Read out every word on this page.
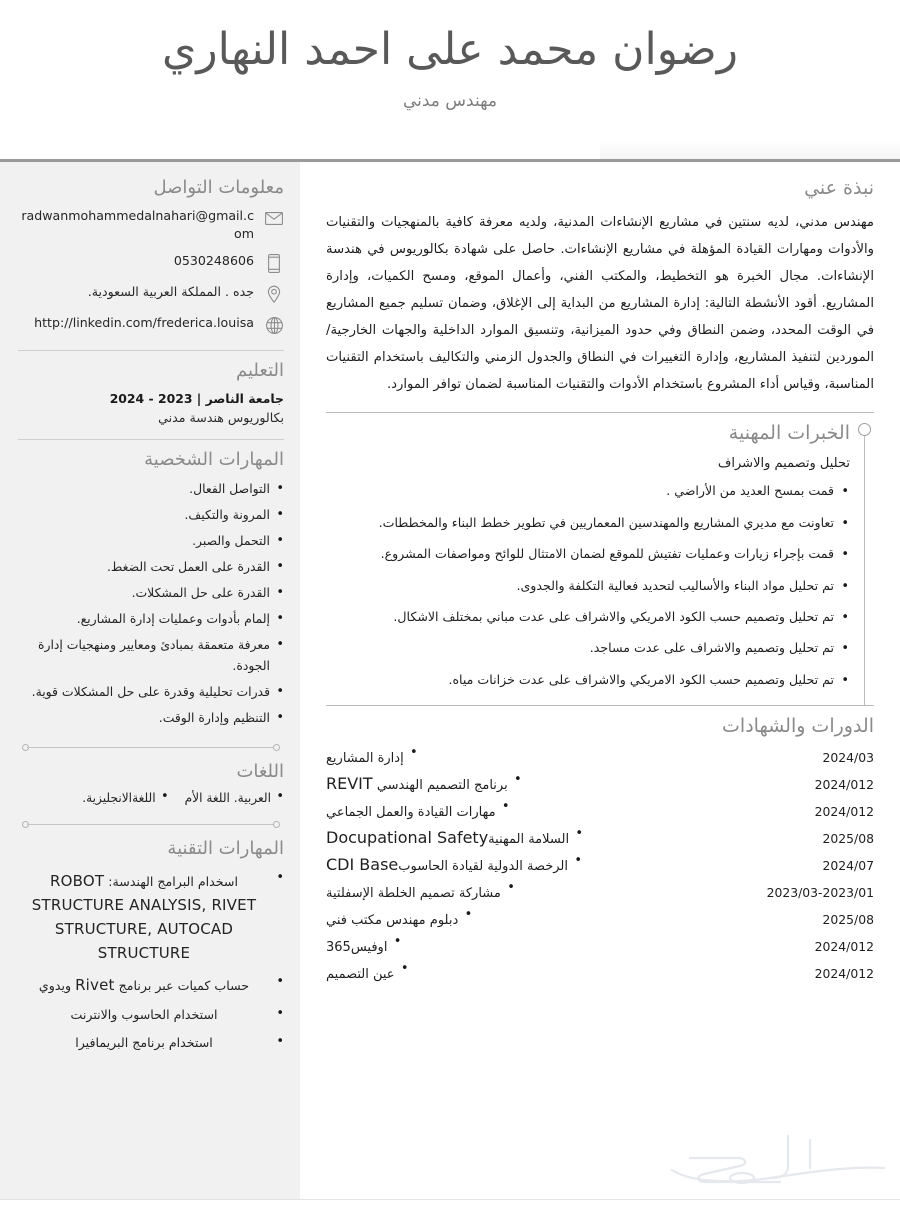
رضوان محمد على احمد النهاري
مهندس مدني
نبذة عني

مهندس مدني، لديه سنتين في مشاريع الإنشاءات المدنية، ولديه معرفة كافية بالمنهجيات والتقنيات والأدوات ومهارات القيادة المؤهلة في مشاريع الإنشاءات. حاصل على شهادة بكالوريوس في هندسة الإنشاءات. مجال الخبرة هو التخطيط، والمكتب الفني، وأعمال الموقع، ومسح الكميات، وإدارة المشاريع. أقود الأنشطة التالية: إدارة المشاريع من البداية إلى الإغلاق، وضمان تسليم جميع المشاريع في الوقت المحدد، وضمن النطاق وفي حدود الميزانية، وتنسيق الموارد الداخلية والجهات الخارجية/الموردين لتنفيذ المشاريع، وإدارة التغييرات في النطاق والجدول الزمني والتكاليف باستخدام التقنيات المناسبة، وقياس أداء المشروع باستخدام الأدوات والتقنيات المناسبة لضمان توافر الموارد.

الخبرات المهنية
تحليل وتصميم والاشراف
• قمت بمسح العديد من الأراضي .
• تعاونت مع مديري المشاريع والمهندسين المعماريين في تطوير خطط البناء والمخططات.
• قمت بإجراء زيارات وعمليات تفتيش للموقع لضمان الامتثال للوائح ومواصفات المشروع.
• تم تحليل مواد البناء والأساليب لتحديد فعالية التكلفة والجدوى.
• تم تحليل وتصميم حسب الكود الامريكي والاشراف على عدت مباني بمختلف الاشكال.
• تم تحليل وتصميم والاشراف على عدت مساجد.
• تم تحليل وتصميم حسب الكود الامريكي والاشراف على عدت خزانات مياه.
الدورات والشهادات
2024/03
• إدارة المشاريع
2024/012
• برنامج التصميم الهندسي REVIT
2024/012
• مهارات القيادة والعمل الجماعي
2025/08
• السلامة المهنيةDocupational Safety
2024/07
• الرخصة الدولية لقيادة الحاسوبCDI Base
2023/03-2023/01
• مشاركة تصميم الخلطة الإسفلتية
2025/08
• دبلوم مهندس مكتب فني
2024/012
• اوفيس365
2024/012
• عين التصميم
معلومات التواصل
radwanmohammedalnahari@gmail.com
0530248606
جده . المملكة العربية السعودية.
http://linkedin.com/frederica.louisa
التعليم
جامعة الناصر | 2023 - 2024
بكالوريوس هندسة مدني
المهارات الشخصية
• التواصل الفعال.
• المرونة والتكيف.
• التحمل والصبر.
• القدرة على العمل تحت الضغط.
• القدرة على حل المشكلات.
• إلمام بأدوات وعمليات إدارة المشاريع.
• معرفة متعمقة بمبادئ ومعايير ومنهجيات إدارة الجودة.
• قدرات تحليلية وقدرة على حل المشكلات قوية.
• التنظيم وإدارة الوقت.
اللغات
• العربية. اللغة الأم
• اللغةالانجليزية.
المهارات التقنية
• اسخدام البرامج الهندسة: ROBOT STRUCTURE ANALYSIS, RIVET STRUCTURE, AUTOCAD STRUCTURE
• حساب كميات عبر برنامج Rivet ويدوي
• استخدام الحاسوب والانترنت
• استخدام برنامج البريمافيرا
